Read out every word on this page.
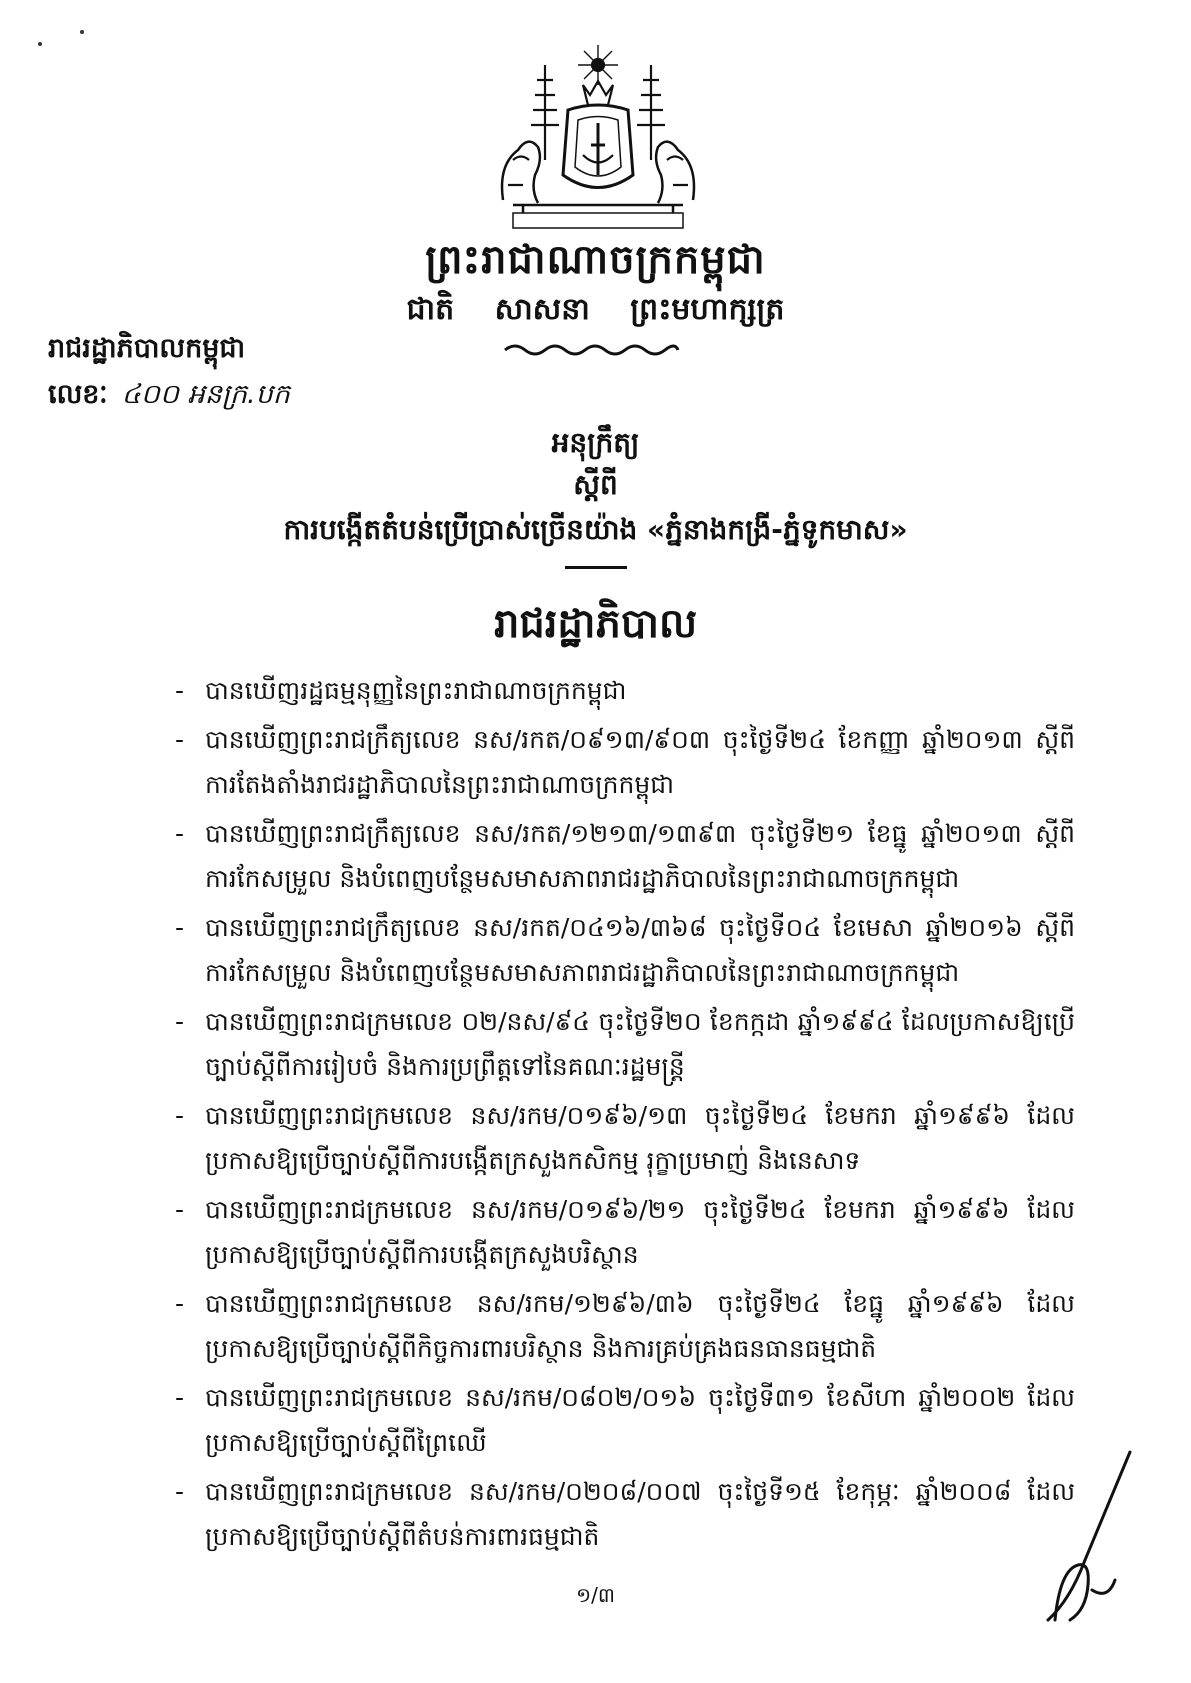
ព្រះរាជាណាចក្រកម្ពុជា
ជាតិ សាសនា ព្រះមហាក្សត្រ
រាជរដ្ឋាភិបាលកម្ពុជា
លេខៈ ៤០០ អនក្រ.បក
អនុក្រឹត្យ
ស្តីពី
ការបង្កើតតំបន់ប្រើប្រាស់ច្រើនយ៉ាង «ភ្នំនាងកង្រី-ភ្នំទូកមាស»
រាជរដ្ឋាភិបាល
- បានឃើញរដ្ឋធម្មនុញ្ញនៃព្រះរាជាណាចក្រកម្ពុជា
- បានឃើញព្រះរាជក្រឹត្យលេខ នស/រកត/០៩១៣/៩០៣ ចុះថ្ងៃទី២៤ ខែកញ្ញា ឆ្នាំ២០១៣ ស្តីពីការតែងតាំងរាជរដ្ឋាភិបាលនៃព្រះរាជាណាចក្រកម្ពុជា
- បានឃើញព្រះរាជក្រឹត្យលេខ នស/រកត/១២១៣/១៣៩៣ ចុះថ្ងៃទី២១ ខែធ្នូ ឆ្នាំ២០១៣ ស្តីពីការកែសម្រួល និងបំពេញបន្ថែមសមាសភាពរាជរដ្ឋាភិបាលនៃព្រះរាជាណាចក្រកម្ពុជា
- បានឃើញព្រះរាជក្រឹត្យលេខ នស/រកត/០៤១៦/៣៦៨ ចុះថ្ងៃទី០៤ ខែមេសា ឆ្នាំ២០១៦ ស្តីពីការកែសម្រួល និងបំពេញបន្ថែមសមាសភាពរាជរដ្ឋាភិបាលនៃព្រះរាជាណាចក្រកម្ពុជា
- បានឃើញព្រះរាជក្រមលេខ ០២/នស/៩៤ ចុះថ្ងៃទី២០ ខែកក្កដា ឆ្នាំ១៩៩៤ ដែលប្រកាសឱ្យប្រើច្បាប់ស្តីពីការរៀបចំ និងការប្រព្រឹត្តទៅនៃគណៈរដ្ឋមន្ត្រី
- បានឃើញព្រះរាជក្រមលេខ នស/រកម/០១៩៦/១៣ ចុះថ្ងៃទី២៤ ខែមករា ឆ្នាំ១៩៩៦ ដែលប្រកាសឱ្យប្រើច្បាប់ស្តីពីការបង្កើតក្រសួងកសិកម្ម រុក្ខាប្រមាញ់ និងនេសាទ
- បានឃើញព្រះរាជក្រមលេខ នស/រកម/០១៩៦/២១ ចុះថ្ងៃទី២៤ ខែមករា ឆ្នាំ១៩៩៦ ដែលប្រកាសឱ្យប្រើច្បាប់ស្តីពីការបង្កើតក្រសួងបរិស្ថាន
- បានឃើញព្រះរាជក្រមលេខ នស/រកម/១២៩៦/៣៦ ចុះថ្ងៃទី២៤ ខែធ្នូ ឆ្នាំ១៩៩៦ ដែលប្រកាសឱ្យប្រើច្បាប់ស្តីពីកិច្ចការពារបរិស្ថាន និងការគ្រប់គ្រងធនធានធម្មជាតិ
- បានឃើញព្រះរាជក្រមលេខ នស/រកម/០៨០២/០១៦ ចុះថ្ងៃទី៣១ ខែសីហា ឆ្នាំ២០០២ ដែលប្រកាសឱ្យប្រើច្បាប់ស្តីពីព្រៃឈើ
- បានឃើញព្រះរាជក្រមលេខ នស/រកម/០២០៨/០០៧ ចុះថ្ងៃទី១៥ ខែកុម្ភៈ ឆ្នាំ២០០៨ ដែលប្រកាសឱ្យប្រើច្បាប់ស្តីពីតំបន់ការពារធម្មជាតិ
១/៣
